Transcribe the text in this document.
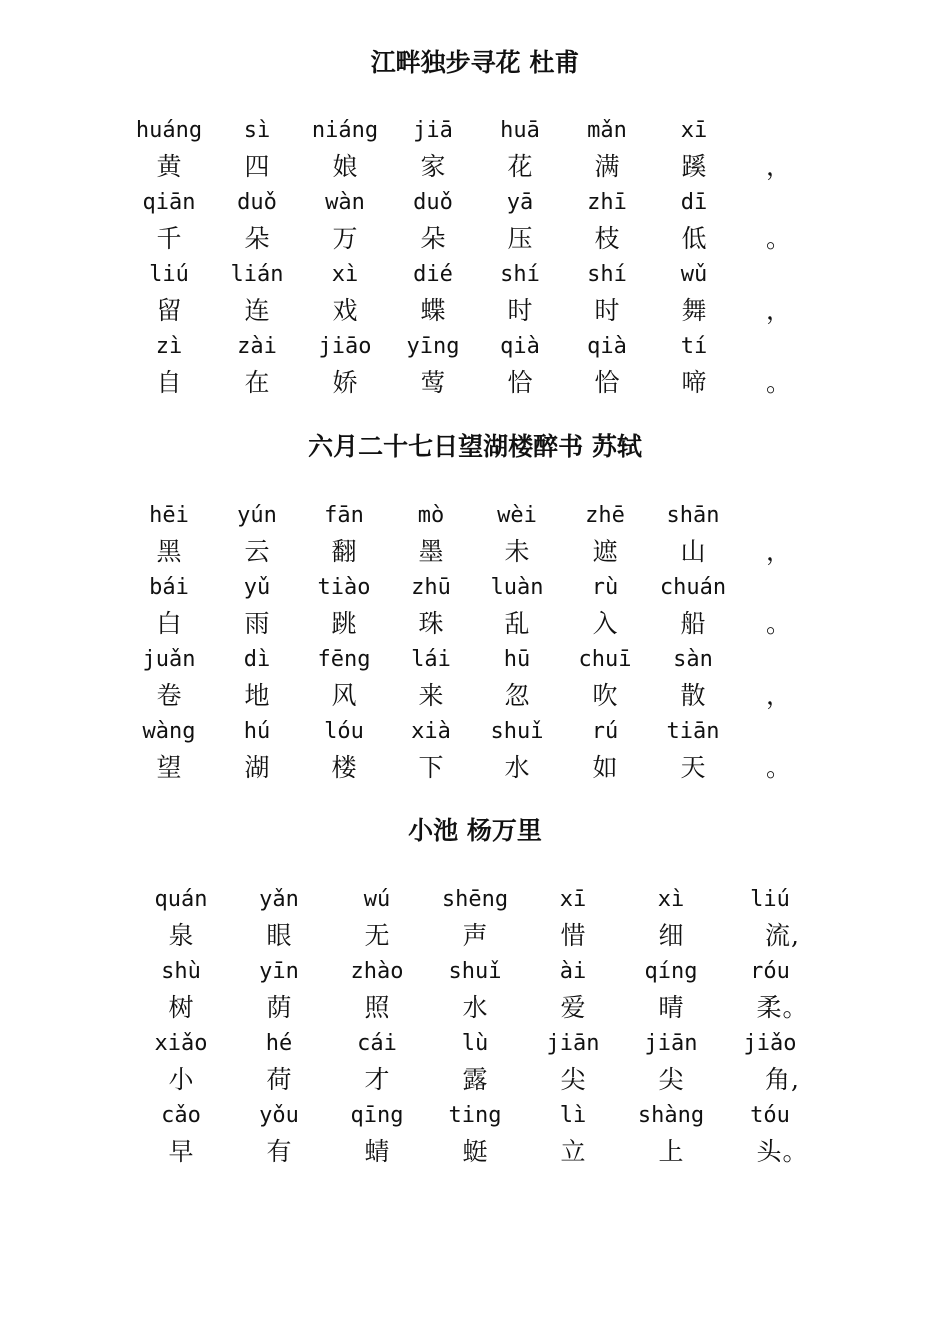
江畔独步寻花 杜甫
huáng	sì	niáng	jiā	huā	mǎn	xī
黄	四	娘	家	花	满	蹊	，
qiān	duǒ	wàn	duǒ	yā	zhī	dī
千	朵	万	朵	压	枝	低	。
liú	lián	xì	dié	shí	shí	wǔ
留	连	戏	蝶	时	时	舞	，
zì	zài	jiāo	yīng	qià	qià	tí
自	在	娇	莺	恰	恰	啼	。
六月二十七日望湖楼醉书 苏轼
hēi	yún	fān	mò	wèi	zhē	shān
黑	云	翻	墨	未	遮	山	，
bái	yǔ	tiào	zhū	luàn	rù	chuán
白	雨	跳	珠	乱	入	船	。
juǎn	dì	fēng	lái	hū	chuī	sàn
卷	地	风	来	忽	吹	散	，
wàng	hú	lóu	xià	shuǐ	rú	tiān
望	湖	楼	下	水	如	天	。
小池 杨万里
quán	yǎn	wú	shēng	xī	xì	liú
泉	眼	无	声	惜	细	流,
shù	yīn	zhào	shuǐ	ài	qíng	róu
树	荫	照	水	爱	晴	柔。
xiǎo	hé	cái	lù	jiān	jiān	jiǎo
小	荷	才	露	尖	尖	角,
cǎo	yǒu	qīng	ting	lì	shàng	tóu
早	有	蜻	蜓	立	上	头。
